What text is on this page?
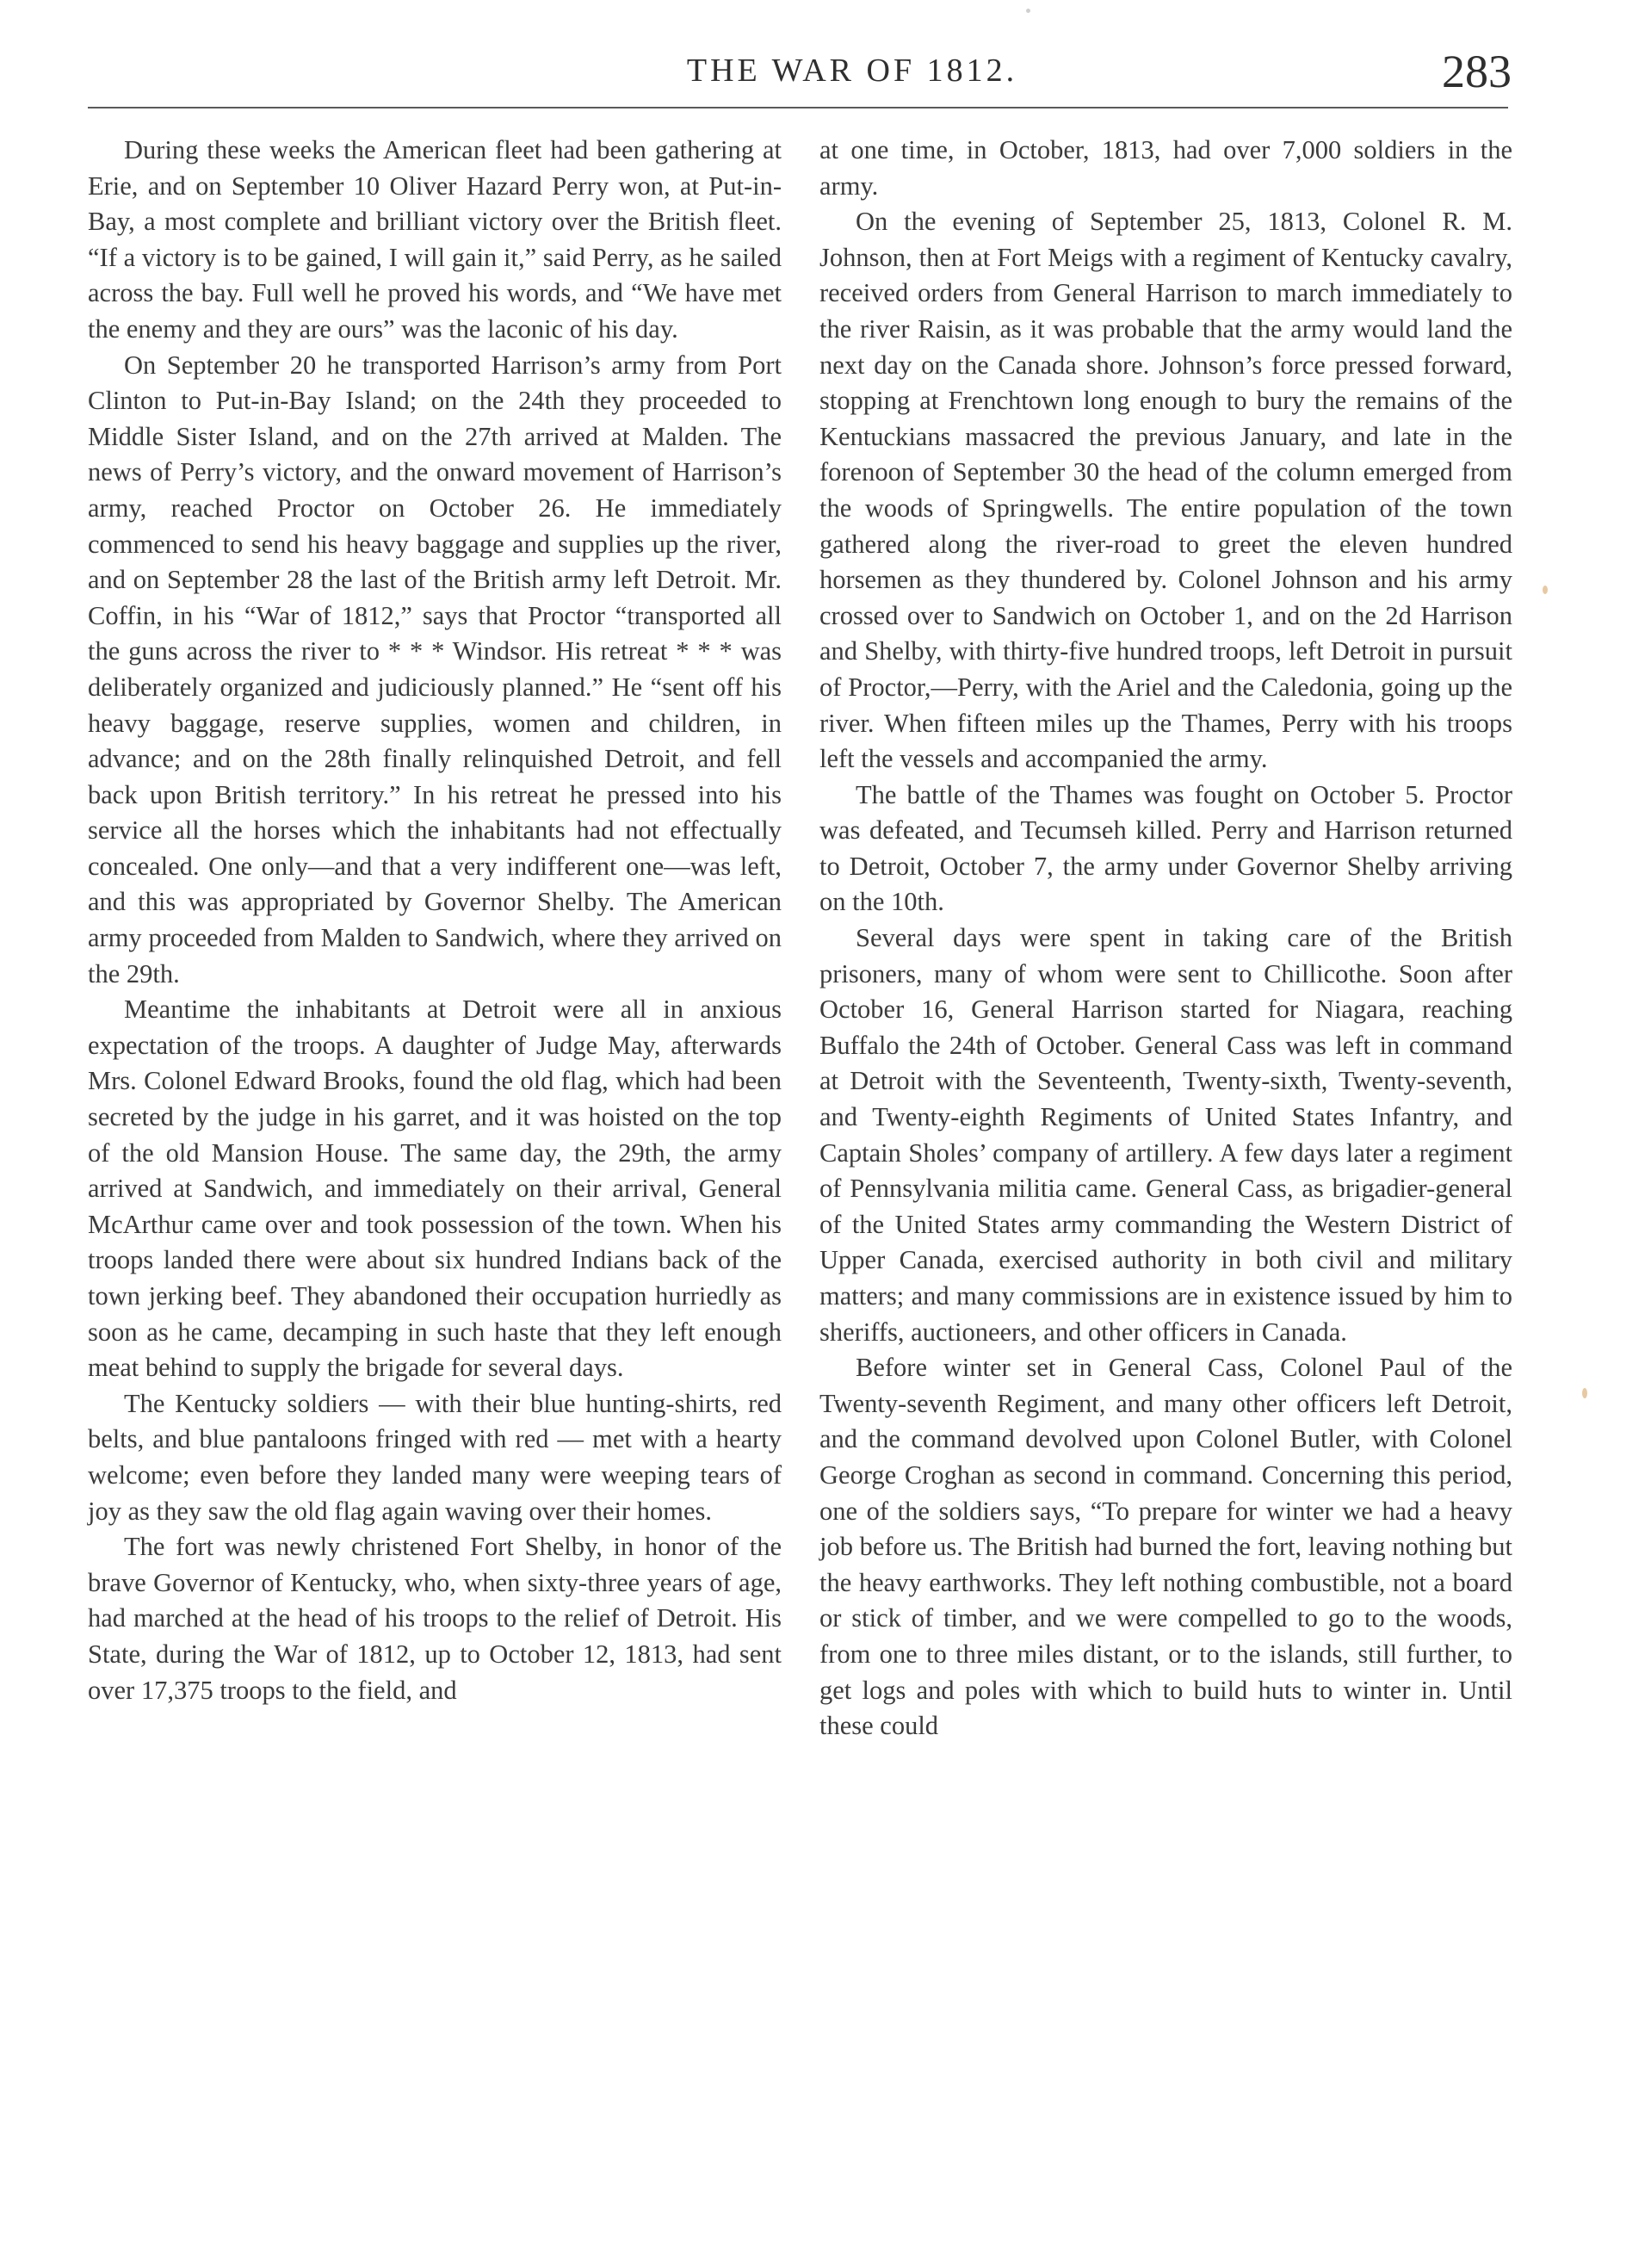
THE WAR OF 1812.	283

During these weeks the American fleet had been gathering at Erie, and on September 10 Oliver Hazard Perry won, at Put-in-Bay, a most complete and brilliant victory over the British fleet. “If a victory is to be gained, I will gain it,” said Perry, as he sailed across the bay. Full well he proved his words, and “We have met the enemy and they are ours” was the laconic of his day.

On September 20 he transported Harrison’s army from Port Clinton to Put-in-Bay Island; on the 24th they proceeded to Middle Sister Island, and on the 27th arrived at Malden. The news of Perry’s victory, and the onward movement of Harrison’s army, reached Proctor on October 26. He immediately commenced to send his heavy baggage and supplies up the river, and on September 28 the last of the British army left Detroit. Mr. Coffin, in his “War of 1812,” says that Proctor “transported all the guns across the river to * * * Windsor. His retreat * * * was deliberately organized and judiciously planned.” He “sent off his heavy baggage, reserve supplies, women and children, in advance; and on the 28th finally relinquished Detroit, and fell back upon British territory.” In his retreat he pressed into his service all the horses which the inhabitants had not effectually concealed. One only—and that a very indifferent one—was left, and this was appropriated by Governor Shelby. The American army proceeded from Malden to Sandwich, where they arrived on the 29th.

Meantime the inhabitants at Detroit were all in anxious expectation of the troops. A daughter of Judge May, afterwards Mrs. Colonel Edward Brooks, found the old flag, which had been secreted by the judge in his garret, and it was hoisted on the top of the old Mansion House. The same day, the 29th, the army arrived at Sandwich, and immediately on their arrival, General McArthur came over and took possession of the town. When his troops landed there were about six hundred Indians back of the town jerking beef. They abandoned their occupation hurriedly as soon as he came, decamping in such haste that they left enough meat behind to supply the brigade for several days.

The Kentucky soldiers — with their blue hunting-shirts, red belts, and blue pantaloons fringed with red — met with a hearty welcome; even before they landed many were weeping tears of joy as they saw the old flag again waving over their homes.

The fort was newly christened Fort Shelby, in honor of the brave Governor of Kentucky, who, when sixty-three years of age, had marched at the head of his troops to the relief of Detroit. His State, during the War of 1812, up to October 12, 1813, had sent over 17,375 troops to the field, and

at one time, in October, 1813, had over 7,000 soldiers in the army.

On the evening of September 25, 1813, Colonel R. M. Johnson, then at Fort Meigs with a regiment of Kentucky cavalry, received orders from General Harrison to march immediately to the river Raisin, as it was probable that the army would land the next day on the Canada shore. Johnson’s force pressed forward, stopping at Frenchtown long enough to bury the remains of the Kentuckians massacred the previous January, and late in the forenoon of September 30 the head of the column emerged from the woods of Springwells. The entire population of the town gathered along the river-road to greet the eleven hundred horsemen as they thundered by. Colonel Johnson and his army crossed over to Sandwich on October 1, and on the 2d Harrison and Shelby, with thirty-five hundred troops, left Detroit in pursuit of Proctor,—Perry, with the Ariel and the Caledonia, going up the river. When fifteen miles up the Thames, Perry with his troops left the vessels and accompanied the army.

The battle of the Thames was fought on October 5. Proctor was defeated, and Tecumseh killed. Perry and Harrison returned to Detroit, October 7, the army under Governor Shelby arriving on the 10th.

Several days were spent in taking care of the British prisoners, many of whom were sent to Chillicothe. Soon after October 16, General Harrison started for Niagara, reaching Buffalo the 24th of October. General Cass was left in command at Detroit with the Seventeenth, Twenty-sixth, Twenty-seventh, and Twenty-eighth Regiments of United States Infantry, and Captain Sholes’ company of artillery. A few days later a regiment of Pennsylvania militia came. General Cass, as brigadier-general of the United States army commanding the Western District of Upper Canada, exercised authority in both civil and military matters; and many commissions are in existence issued by him to sheriffs, auctioneers, and other officers in Canada.

Before winter set in General Cass, Colonel Paul of the Twenty-seventh Regiment, and many other officers left Detroit, and the command devolved upon Colonel Butler, with Colonel George Croghan as second in command. Concerning this period, one of the soldiers says, “To prepare for winter we had a heavy job before us. The British had burned the fort, leaving nothing but the heavy earthworks. They left nothing combustible, not a board or stick of timber, and we were compelled to go to the woods, from one to three miles distant, or to the islands, still further, to get logs and poles with which to build huts to winter in. Until these could
